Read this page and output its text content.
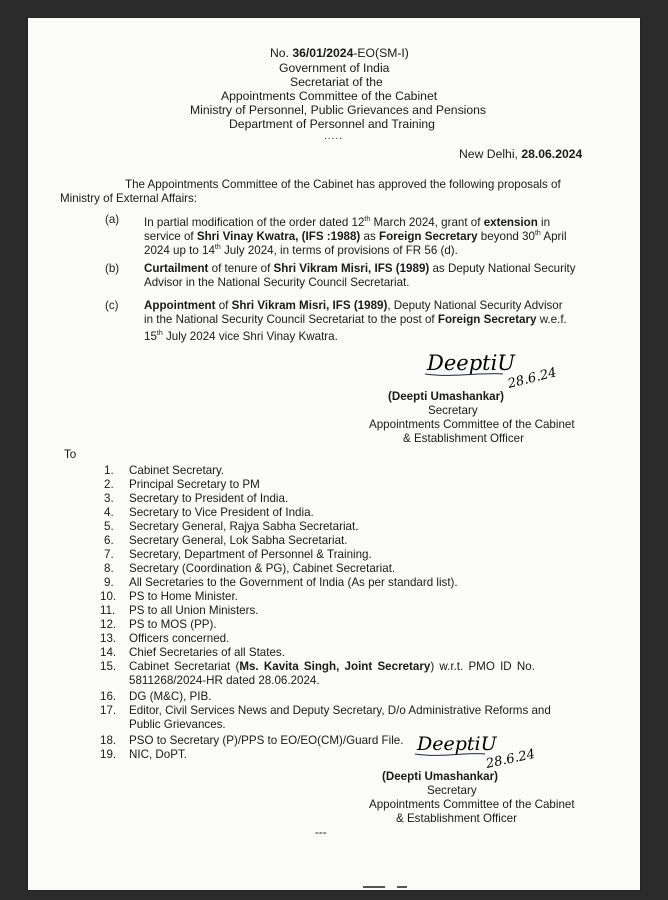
No. 36/01/2024-EO(SM-I)
Government of India
Secretariat of the
Appointments Committee of the Cabinet
Ministry of Personnel, Public Grievances and Pensions
Department of Personnel and Training
.....
New Delhi, 28.06.2024
The Appointments Committee of the Cabinet has approved the following proposals of
Ministry of External Affairs:
(a) In partial modification of the order dated 12th March 2024, grant of extension in
service of Shri Vinay Kwatra, (IFS :1988) as Foreign Secretary beyond 30th April
2024 up to 14th July 2024, in terms of provisions of FR 56 (d).
(b) Curtailment of tenure of Shri Vikram Misri, IFS (1989) as Deputy National Security
Advisor in the National Security Council Secretariat.
(c) Appointment of Shri Vikram Misri, IFS (1989), Deputy National Security Advisor
in the National Security Council Secretariat to the post of Foreign Secretary w.e.f.
15th July 2024 vice Shri Vinay Kwatra.
DeeptiU
28.6.24
(Deepti Umashankar)
Secretary
Appointments Committee of the Cabinet
& Establishment Officer
To
1. Cabinet Secretary.
2. Principal Secretary to PM
3. Secretary to President of India.
4. Secretary to Vice President of India.
5. Secretary General, Rajya Sabha Secretariat.
6. Secretary General, Lok Sabha Secretariat.
7. Secretary, Department of Personnel & Training.
8. Secretary (Coordination & PG), Cabinet Secretariat.
9. All Secretaries to the Government of India (As per standard list).
10. PS to Home Minister.
11. PS to all Union Ministers.
12. PS to MOS (PP).
13. Officers concerned.
14. Chief Secretaries of all States.
15. Cabinet Secretariat (Ms. Kavita Singh, Joint Secretary) w.r.t. PMO ID No.
5811268/2024-HR dated 28.06.2024.
16. DG (M&C), PIB.
17. Editor, Civil Services News and Deputy Secretary, D/o Administrative Reforms and
Public Grievances.
18. PSO to Secretary (P)/PPS to EO/EO(CM)/Guard File.
19. NIC, DoPT.	DeeptiU
28.6.24
(Deepti Umashankar)
Secretary
Appointments Committee of the Cabinet
& Establishment Officer
---
